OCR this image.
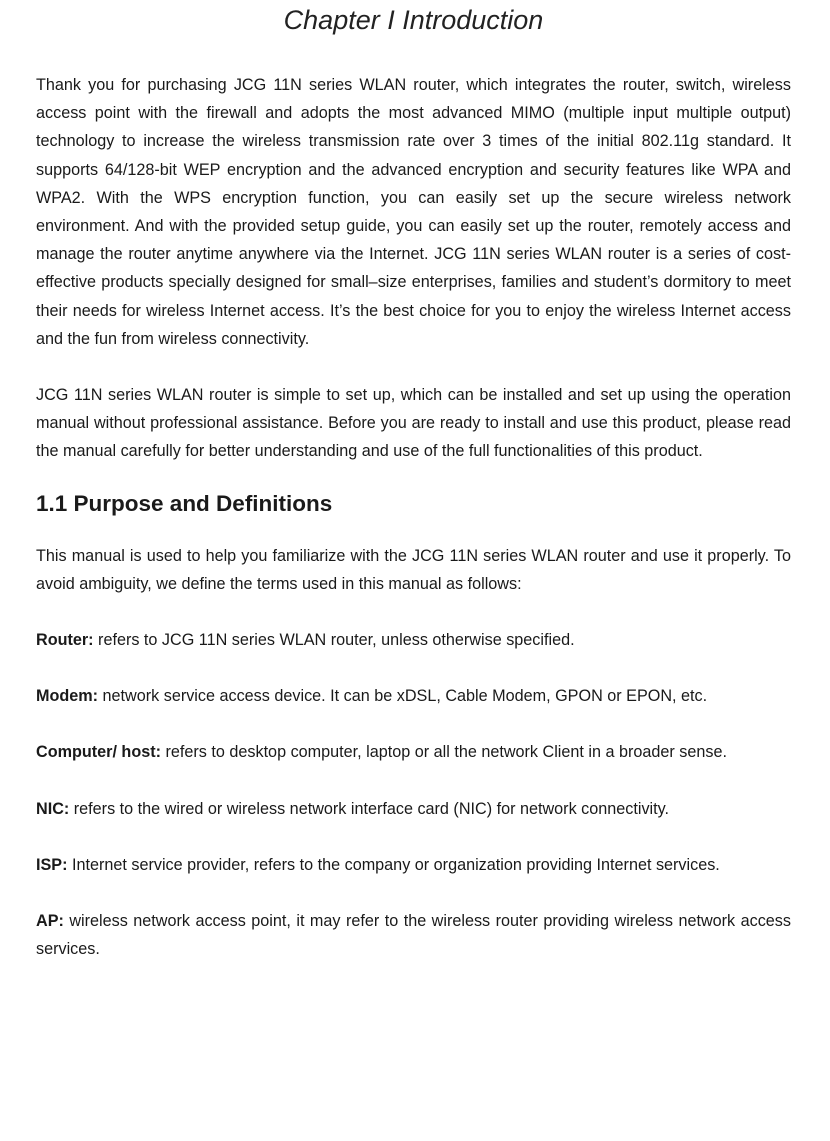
Chapter I Introduction

Thank you for purchasing JCG 11N series WLAN router, which integrates the router, switch, wireless access point with the firewall and adopts the most advanced MIMO (multiple input multiple output) technology to increase the wireless transmission rate over 3 times of the initial 802.11g standard. It supports 64/128-bit WEP encryption and the advanced encryption and security features like WPA and WPA2. With the WPS encryption function, you can easily set up the secure wireless network environment. And with the provided setup guide, you can easily set up the router, remotely access and manage the router anytime anywhere via the Internet. JCG 11N series WLAN router is a series of cost-effective products specially designed for small–size enterprises, families and student’s dormitory to meet their needs for wireless Internet access. It’s the best choice for you to enjoy the wireless Internet access and the fun from wireless connectivity.

JCG 11N series WLAN router is simple to set up, which can be installed and set up using the operation manual without professional assistance. Before you are ready to install and use this product, please read the manual carefully for better understanding and use of the full functionalities of this product.

1.1 Purpose and Definitions

This manual is used to help you familiarize with the JCG 11N series WLAN router and use it properly. To avoid ambiguity, we define the terms used in this manual as follows:

Router: refers to JCG 11N series WLAN router, unless otherwise specified.

Modem: network service access device. It can be xDSL, Cable Modem, GPON or EPON, etc.

Computer/ host: refers to desktop computer, laptop or all the network Client in a broader sense.

NIC: refers to the wired or wireless network interface card (NIC) for network connectivity.

ISP: Internet service provider, refers to the company or organization providing Internet services.

AP: wireless network access point, it may refer to the wireless router providing wireless network access services.
